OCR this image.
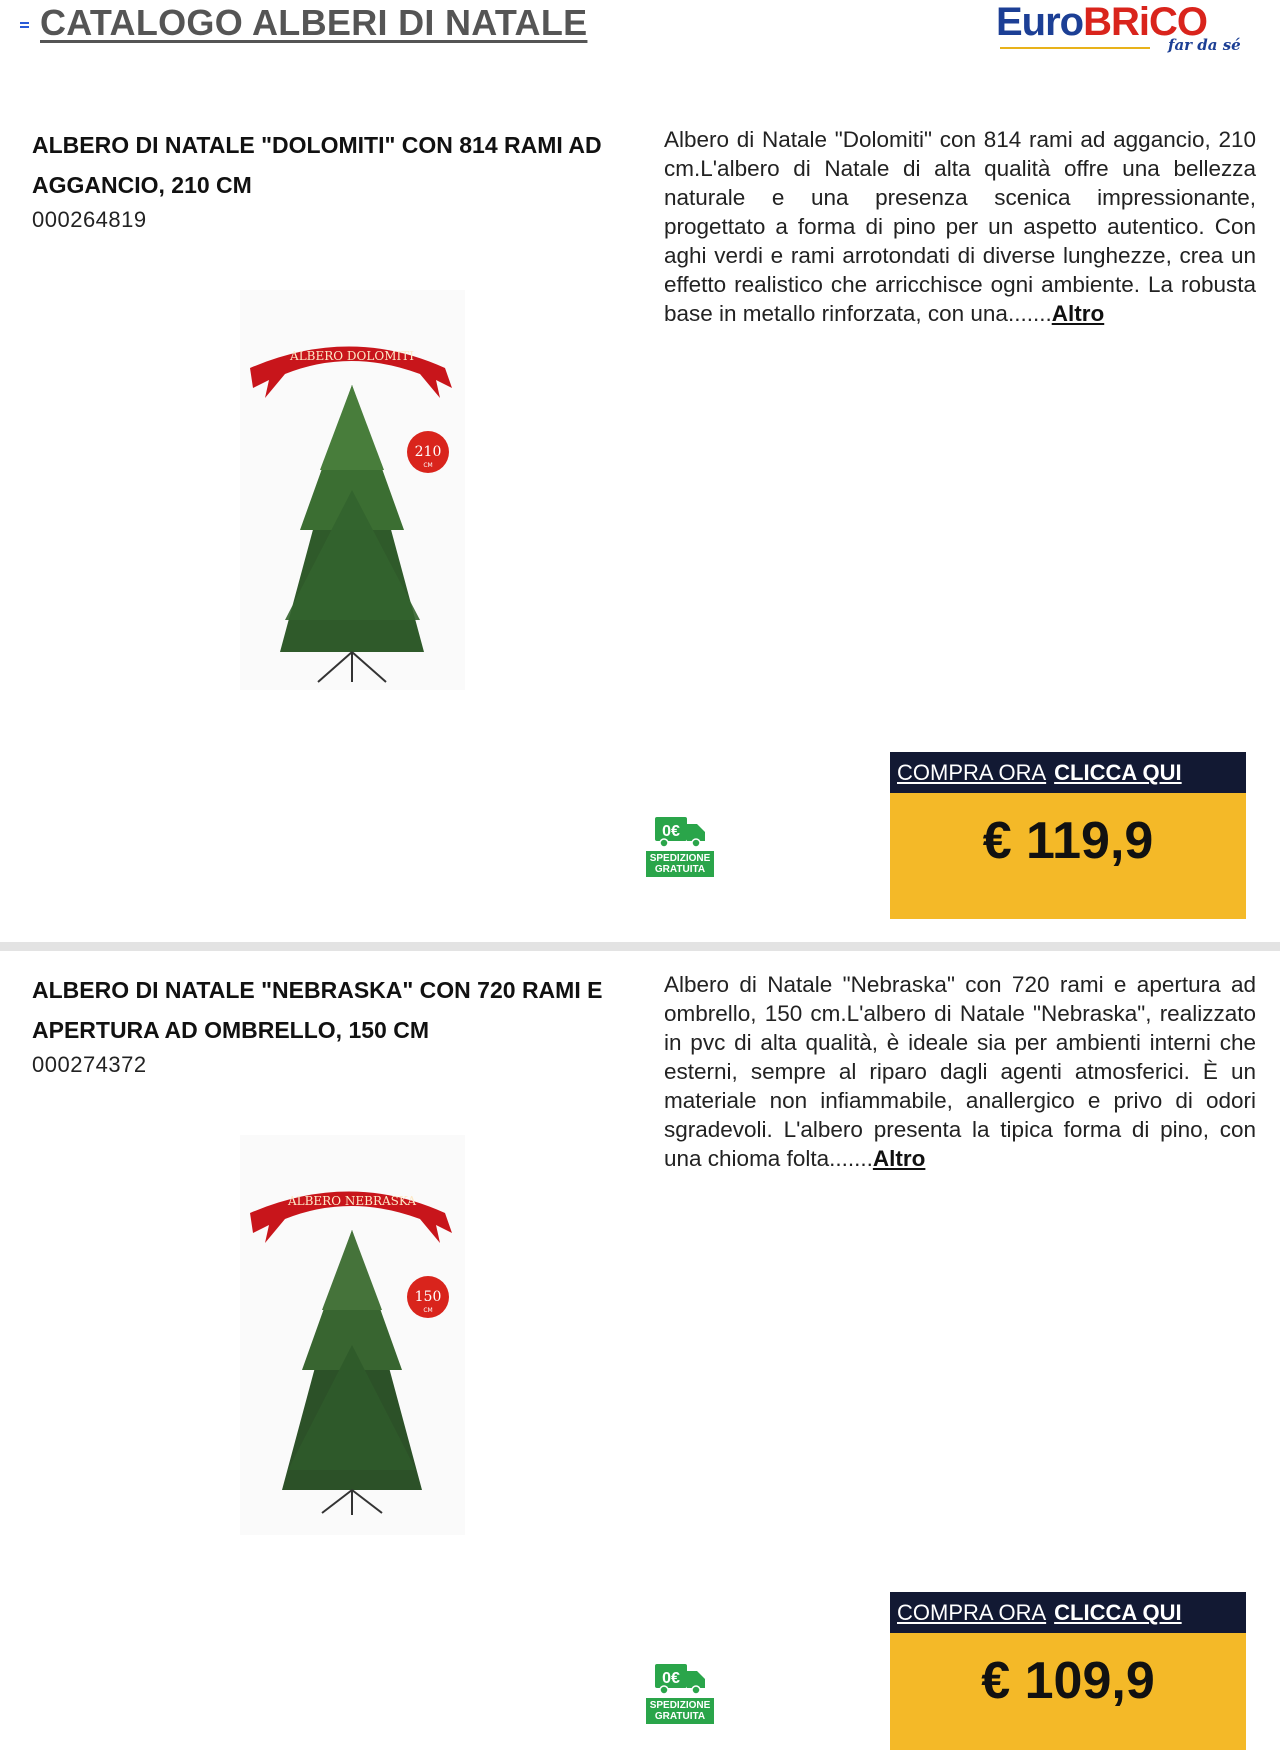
CATALOGO ALBERI DI NATALE	EuroBRiCO
far da sé
ALBERO DI NATALE "DOLOMITI" CON 814 RAMI AD AGGANCIO, 210 CM
000264819
Albero di Natale "Dolomiti" con 814 rami ad aggancio, 210 cm.L'albero di Natale di alta qualità offre una bellezza naturale e una presenza scenica impressionante, progettato a forma di pino per un aspetto autentico. Con aghi verdi e rami arrotondati di diverse lunghezze, crea un effetto realistico che arricchisce ogni ambiente. La robusta base in metallo rinforzata, con una.......Altro
ALBERO DOLOMITI
210
CM
0€
SPEDIZIONE
GRATUITA
COMPRA ORA CLICCA QUI
€ 119,9
ALBERO DI NATALE "NEBRASKA" CON 720 RAMI E APERTURA AD OMBRELLO, 150 CM
000274372
Albero di Natale "Nebraska" con 720 rami e apertura ad ombrello, 150 cm.L'albero di Natale "Nebraska", realizzato in pvc di alta qualità, è ideale sia per ambienti interni che esterni, sempre al riparo dagli agenti atmosferici. È un materiale non infiammabile, anallergico e privo di odori sgradevoli. L'albero presenta la tipica forma di pino, con una chioma folta.......Altro
ALBERO NEBRASKA
150
CM
0€
SPEDIZIONE
GRATUITA
COMPRA ORA CLICCA QUI
€ 109,9
